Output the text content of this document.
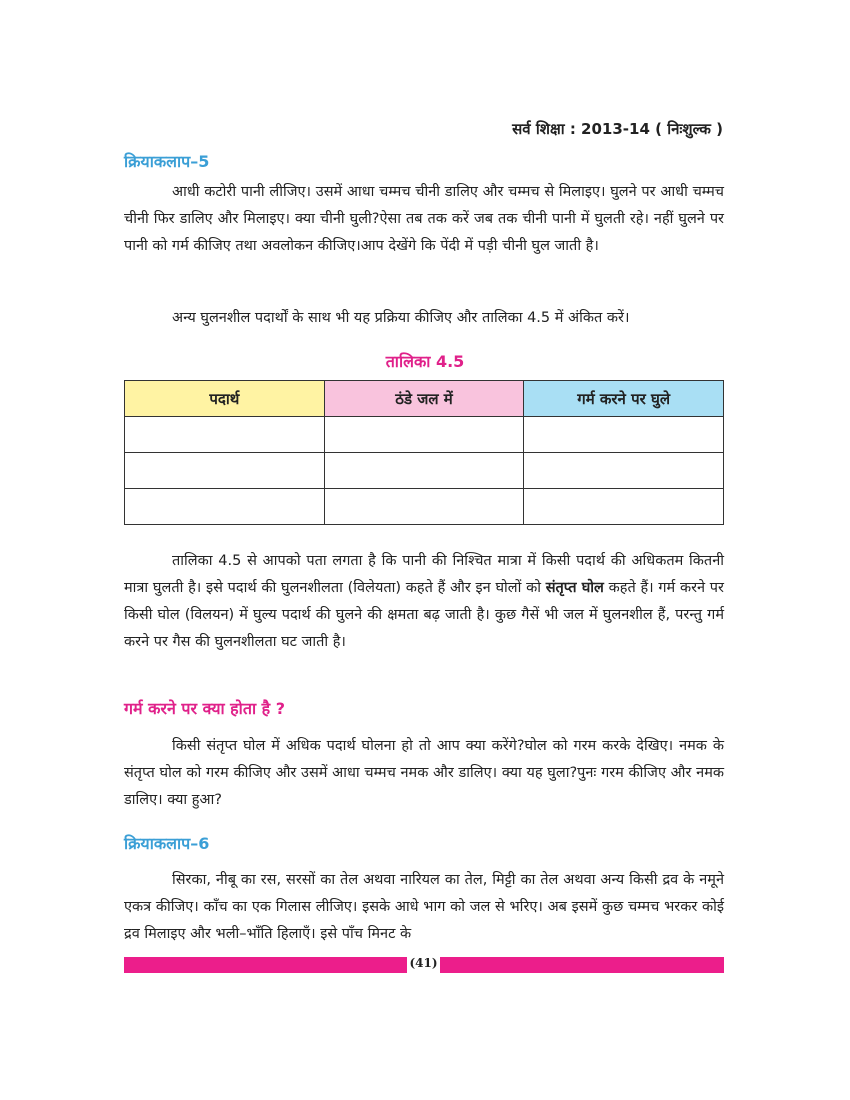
सर्व शिक्षा : 2013-14 ( निःशुल्क )
क्रियाकलाप–5

आधी कटोरी पानी लीजिए। उसमें आधा चम्मच चीनी डालिए और चम्मच से मिलाइए। घुलने पर आधी चम्मच चीनी फिर डालिए और मिलाइए। क्या चीनी घुली?ऐसा तब तक करें जब तक चीनी पानी में घुलती रहे। नहीं घुलने पर पानी को गर्म कीजिए तथा अवलोकन कीजिए।आप देखेंगे कि पेंदी में पड़ी चीनी घुल जाती है।

अन्य घुलनशील पदार्थों के साथ भी यह प्रक्रिया कीजिए और तालिका 4.5 में अंकित करें।

तालिका 4.5
पदार्थ	ठंडे जल में	गर्म करने पर घुले

तालिका 4.5 से आपको पता लगता है कि पानी की निश्चित मात्रा में किसी पदार्थ की अधिकतम कितनी मात्रा घुलती है। इसे पदार्थ की घुलनशीलता (विलेयता) कहते हैं और इन घोलों को संतृप्त घोल कहते हैं। गर्म करने पर किसी घोल (विलयन) में घुल्य पदार्थ की घुलने की क्षमता बढ़ जाती है। कुछ गैसें भी जल में घुलनशील हैं, परन्तु गर्म करने पर गैस की घुलनशीलता घट जाती है।

गर्म करने पर क्या होता है ?

किसी संतृप्त घोल में अधिक पदार्थ घोलना हो तो आप क्या करेंगे?घोल को गरम करके देखिए। नमक के संतृप्त घोल को गरम कीजिए और उसमें आधा चम्मच नमक और डालिए। क्या यह घुला?पुनः गरम कीजिए और नमक डालिए। क्या हुआ?

क्रियाकलाप–6

सिरका, नीबू का रस, सरसों का तेल अथवा नारियल का तेल, मिट्टी का तेल अथवा अन्य किसी द्रव के नमूने एकत्र कीजिए। काँच का एक गिलास लीजिए। इसके आधे भाग को जल से भरिए। अब इसमें कुछ चम्मच भरकर कोई द्रव मिलाइए और भली–भाँति हिलाएँ। इसे पाँच मिनट के

(41)
